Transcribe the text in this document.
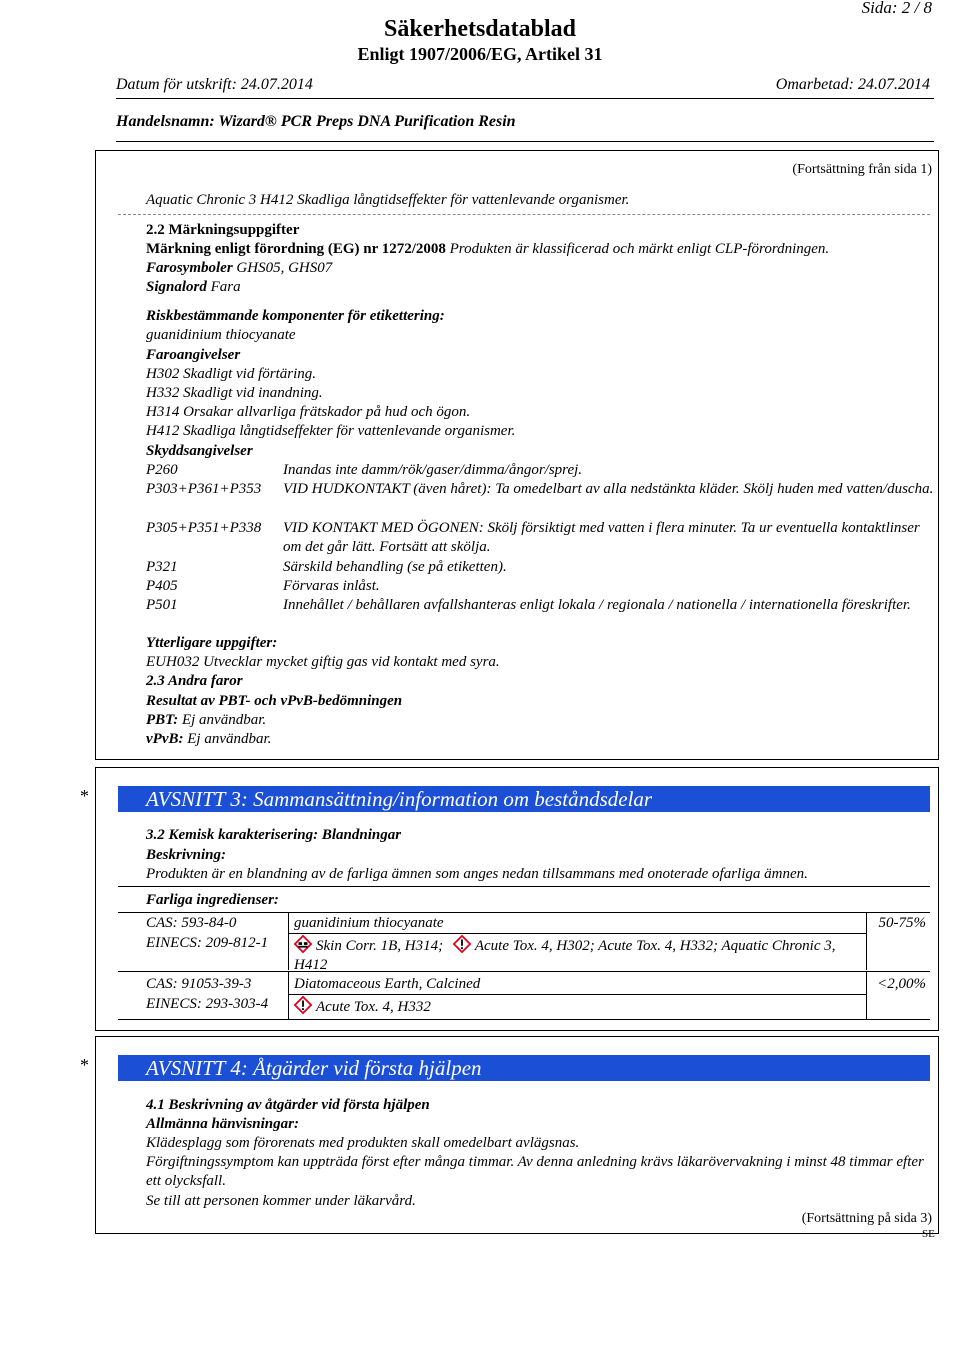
Sida: 2 / 8
Säkerhetsdatablad
Enligt 1907/2006/EG, Artikel 31
Datum för utskrift: 24.07.2014	Omarbetad: 24.07.2014
Handelsnamn: Wizard® PCR Preps DNA Purification Resin
(Fortsättning från sida 1)
Aquatic Chronic 3 H412 Skadliga långtidseffekter för vattenlevande organismer.
2.2 Märkningsuppgifter
Märkning enligt förordning (EG) nr 1272/2008 Produkten är klassificerad och märkt enligt CLP-förordningen.
Farosymboler GHS05, GHS07
Signalord Fara
Riskbestämmande komponenter för etikettering:
guanidinium thiocyanate
Faroangivelser
H302 Skadligt vid förtäring.
H332 Skadligt vid inandning.
H314 Orsakar allvarliga frätskador på hud och ögon.
H412 Skadliga långtidseffekter för vattenlevande organismer.
Skyddsangivelser
P260	Inandas inte damm/rök/gaser/dimma/ångor/sprej.
P303+P361+P353 VID HUDKONTAKT (även håret): Ta omedelbart av alla nedstänkta kläder. Skölj huden med vatten/duscha.
P305+P351+P338 VID KONTAKT MED ÖGONEN: Skölj försiktigt med vatten i flera minuter. Ta ur eventuella kontaktlinser om det går lätt. Fortsätt att skölja.
P321	Särskild behandling (se på etiketten).
P405	Förvaras inlåst.
P501	Innehållet / behållaren avfallshanteras enligt lokala / regionala / nationella / internationella föreskrifter.
Ytterligare uppgifter:
EUH032 Utvecklar mycket giftig gas vid kontakt med syra.
2.3 Andra faror
Resultat av PBT- och vPvB-bedömningen
PBT: Ej användbar.
vPvB: Ej användbar.
*	AVSNITT 3: Sammansättning/information om beståndsdelar
3.2 Kemisk karakterisering: Blandningar
Beskrivning:
Produkten är en blandning av de farliga ämnen som anges nedan tillsammans med onoterade ofarliga ämnen.
Farliga ingredienser:
CAS: 593-84-0
EINECS: 209-812-1
guanidinium thiocyanate	50-75%
Skin Corr. 1B, H314; Acute Tox. 4, H302; Acute Tox. 4, H332; Aquatic Chronic 3, H412
CAS: 91053-39-3
EINECS: 293-303-4
Diatomaceous Earth, Calcined	<2,00%
Acute Tox. 4, H332
*	AVSNITT 4: Åtgärder vid första hjälpen
4.1 Beskrivning av åtgärder vid första hjälpen
Allmänna hänvisningar:
Klädesplagg som förorenats med produkten skall omedelbart avlägsnas.
Förgiftningssymptom kan uppträda först efter många timmar. Av denna anledning krävs läkarövervakning i minst 48 timmar efter ett olycksfall.
Se till att personen kommer under läkarvård.
(Fortsättning på sida 3)
SE
